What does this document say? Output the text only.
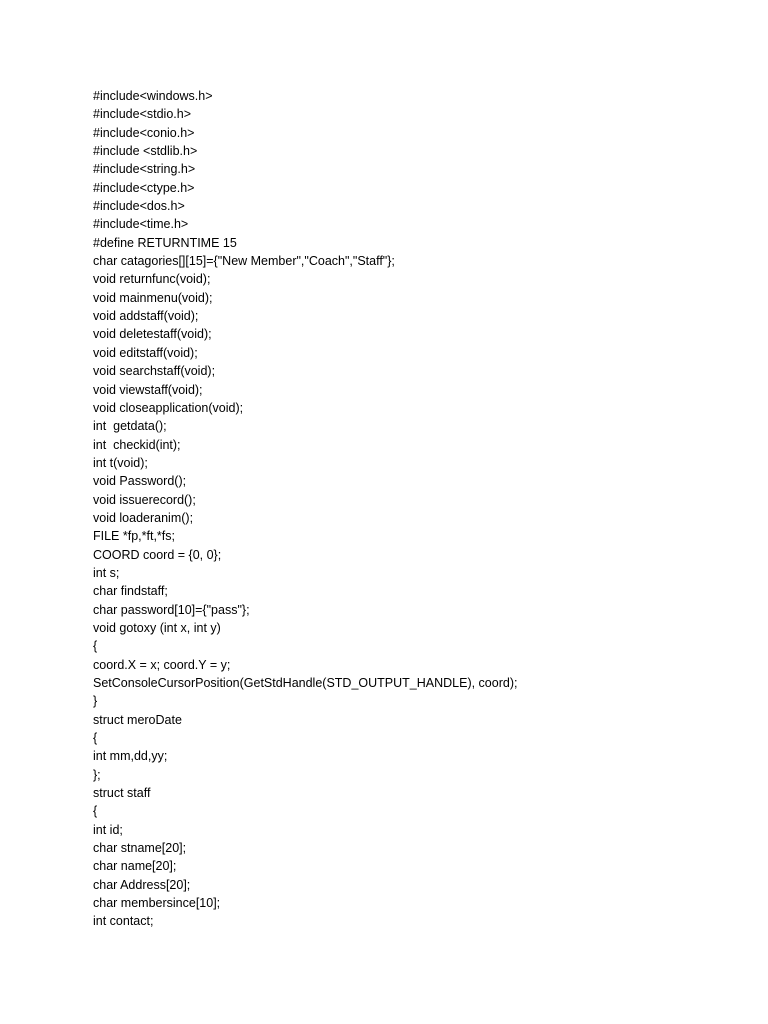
#include<windows.h>
#include<stdio.h>
#include<conio.h>
#include <stdlib.h>
#include<string.h>
#include<ctype.h>
#include<dos.h>
#include<time.h>
#define RETURNTIME 15
char catagories[][15]={"New Member","Coach","Staff"};
void returnfunc(void);
void mainmenu(void);
void addstaff(void);
void deletestaff(void);
void editstaff(void);
void searchstaff(void);
void viewstaff(void);
void closeapplication(void);
int  getdata();
int  checkid(int);
int t(void);
void Password();
void issuerecord();
void loaderanim();
FILE *fp,*ft,*fs;
COORD coord = {0, 0};
int s;
char findstaff;
char password[10]={"pass"};
void gotoxy (int x, int y)
{
coord.X = x; coord.Y = y;
SetConsoleCursorPosition(GetStdHandle(STD_OUTPUT_HANDLE), coord);
}
struct meroDate
{
int mm,dd,yy;
};
struct staff
{
int id;
char stname[20];
char name[20];
char Address[20];
char membersince[10];
int contact;
